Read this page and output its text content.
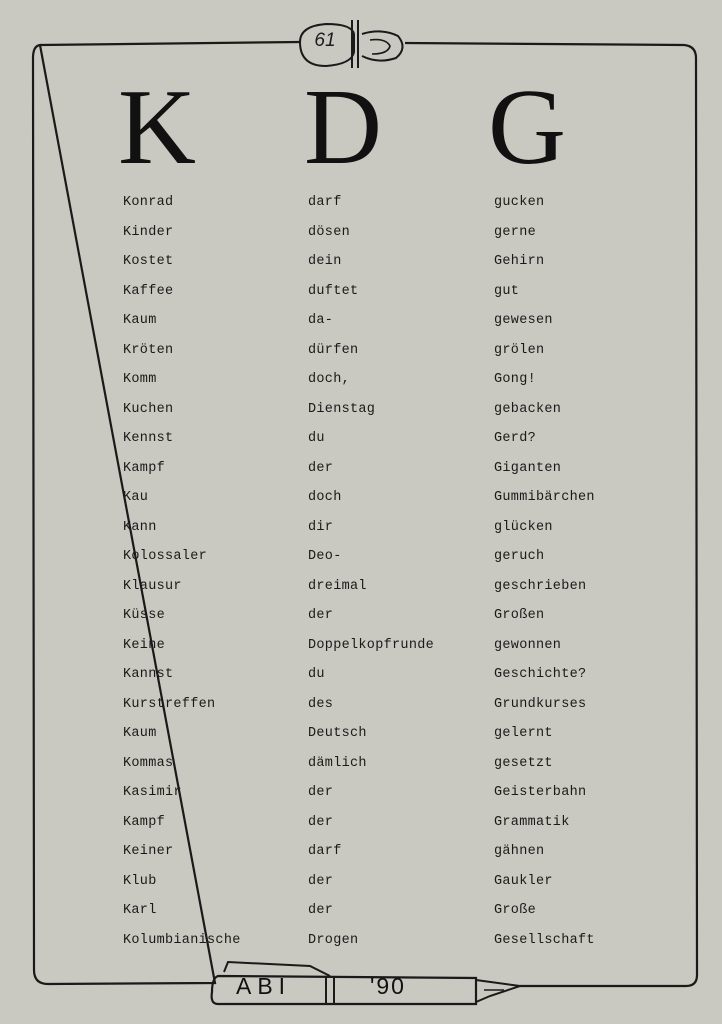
61
K D G
Konrad
Kinder
Kostet
Kaffee
Kaum
Kröten
Komm
Kuchen
Kennst
Kampf
Kau
Kann
Kolossaler
Klausur
Küsse
Keine
Kannst
Kurstreffen
Kaum
Kommas
Kasimir
Kampf
Keiner
Klub
Karl
Kolumbianische
darf
dösen
dein
duftet
da-
dürfen
doch,
Dienstag
du
der
doch
dir
Deo-
dreimal
der
Doppelkopfrunde
du
des
Deutsch
dämlich
der
der
darf
der
der
Drogen
gucken
gerne
Gehirn
gut
gewesen
grölen
Gong!
gebacken
Gerd?
Giganten
Gummibärchen
glücken
geruch
geschrieben
Großen
gewonnen
Geschichte?
Grundkurses
gelernt
gesetzt
Geisterbahn
Grammatik
gähnen
Gaukler
Große
Gesellschaft
ABI	'90
